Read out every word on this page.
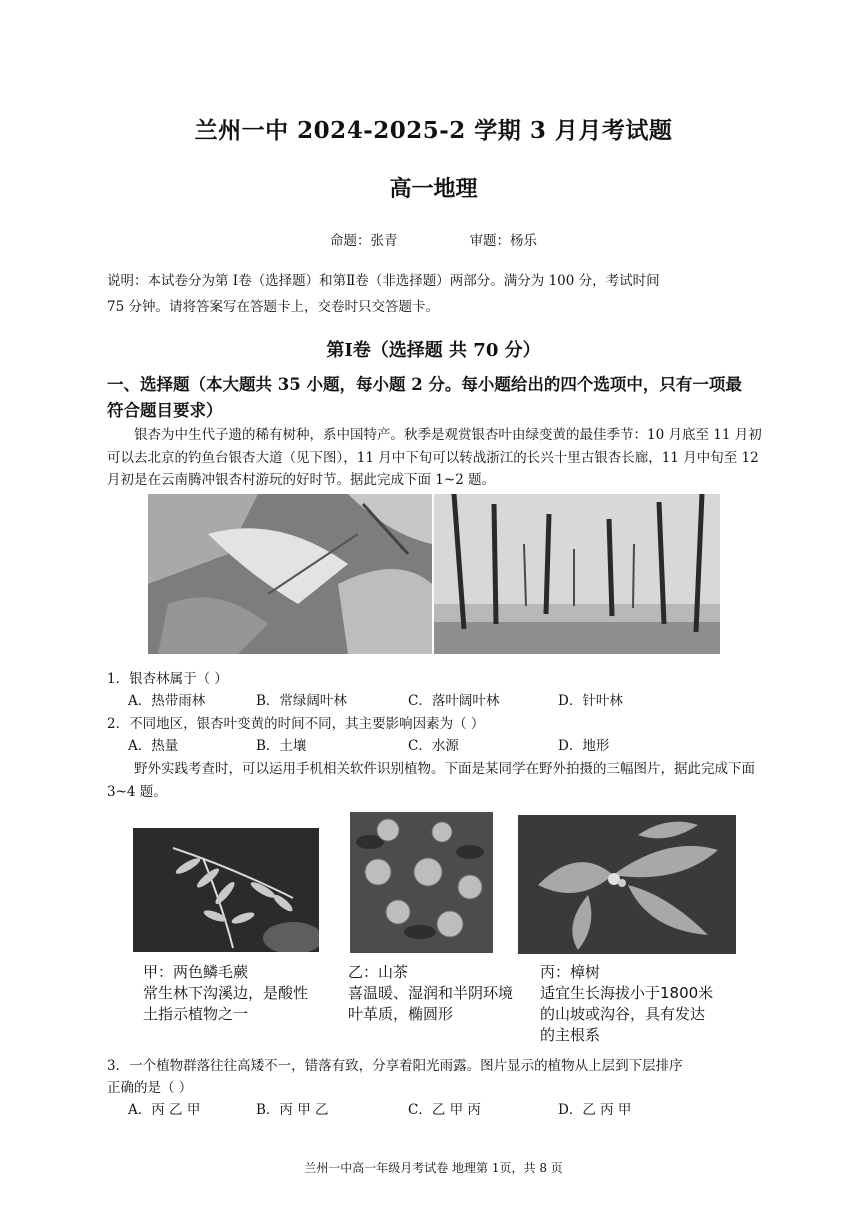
兰州一中 2024-2025-2 学期 3 月月考试题
高一地理
命题：张青	审题：杨乐
说明：本试卷分为第 Ⅰ卷（选择题）和第Ⅱ卷（非选择题）两部分。满分为 100 分，考试时间
75 分钟。请将答案写在答题卡上，交卷时只交答题卡。
第Ⅰ卷（选择题 共 70 分）
一、选择题（本大题共 35 小题，每小题 2 分。每小题给出的四个选项中，只有一项最
符合题目要求）
银杏为中生代子遗的稀有树种，系中国特产。秋季是观赏银杏叶由绿变黄的最佳季节：10 月底至 11 月初可以去北京的钓鱼台银杏大道（见下图），11 月中下旬可以转战浙江的长兴十里古银杏长廊，11 月中旬至 12 月初是在云南腾冲银杏村游玩的好时节。据此完成下面 1~2 题。
1．银杏林属于（ ）
A．热带雨林	B．常绿阔叶林	C．落叶阔叶林	D．针叶林
2．不同地区，银杏叶变黄的时间不同，其主要影响因素为（ ）
A．热量	B．土壤	C．水源	D．地形
野外实践考查时，可以运用手机相关软件识别植物。下面是某同学在野外拍摄的三幅图片，据此完成下面 3~4 题。
甲：两色鳞毛蕨
常生林下沟溪边，是酸性
土指示植物之一
乙：山茶
喜温暖、湿润和半阴环境
叶革质，椭圆形
丙：樟树
适宜生长海拔小于1800米
的山坡或沟谷，具有发达
的主根系
3．一个植物群落往往高矮不一，错落有致，分享着阳光雨露。图片显示的植物从上层到下层排序
正确的是（ ）
A．丙 乙 甲	B．丙 甲 乙	C．乙 甲 丙	D．乙 丙 甲
兰州一中高一年级月考试卷 地理第 1页，共 8 页
